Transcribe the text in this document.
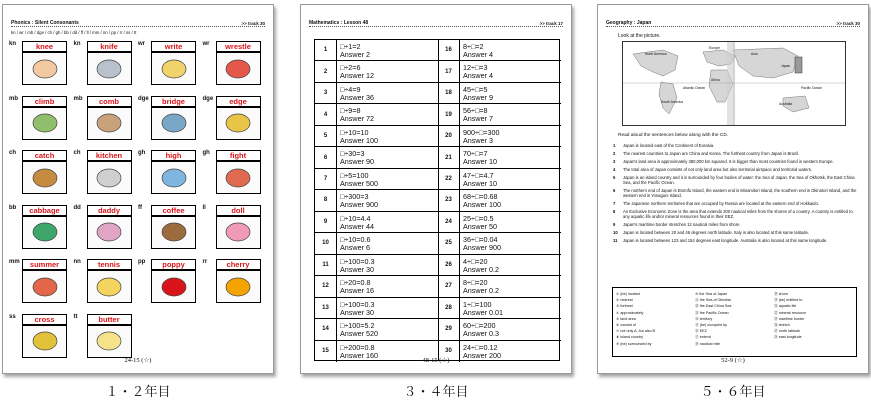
Phonics : Silent Consonants	>> track 30
kn / wr / mb / dge / ch / gh / bb / dd / ff / ll / mm / nn / pp / rr / ss / tt
kn	knee	kn	knife	wr	write	wr	wrestle
mb	climb	mb	comb	dge	bridge	dge	edge
ch	catch	ch	kitchen	gh	high	gh	fight
bb	cabbage	dd	daddy	ff	coffee	ll	doll
mm	summer	nn	tennis	pp	poppy	rr	cherry
ss	cross	tt	butter
24-15 (☆)
Mathematics : Lesson 48	>> track 17
1	□÷1=2
Answer 2
2	□÷2=6
Answer 12
3	□÷4=9
Answer 36
4	□÷9=8
Answer 72
5	□÷10=10
Answer 100
6	□÷30=3
Answer 90
7	□÷5=100
Answer 500
8	□÷300=3
Answer 900
9	□÷10=4.4
Answer 44
10	□÷10=0.6
Answer 6
11	□÷100=0.3
Answer 30
12	□÷20=0.8
Answer 16
13	□÷100=0.3
Answer 30
14	□÷100=5.2
Answer 520
15	□÷200=0.8
Answer 160
16	8÷□=2
Answer 4
17	12÷□=3
Answer 4
18	45÷□=5
Answer 9
19	56÷□=8
Answer 7
20	900÷□=300
Answer 3
21	70÷□=7
Answer 10
22	47÷□=4.7
Answer 10
23	68÷□=0.68
Answer 100
24	25÷□=0.5
Answer 50
25	36÷□=0.04
Answer 900
26	4÷□=20
Answer 0.2
27	8÷□=20
Answer 0.2
28	1÷□=100
Answer 0.01
29	60÷□=200
Answer 0.3
30	24÷□=0.12
Answer 200
48-15 (☆)
Geography : Japan	>> track 30
Look at the picture.
North America
Europe
Asia
Africa
Japan
Pacific Ocean
Atlantic Ocean
South America	Australia
Read aloud the sentences below along with the CD.
1 Japan is located east of the Continent of Eurasia.
2 The nearest countries to Japan are China and Korea. The furthest country from Japan is Brazil.
3 Japan's land area is approximately 380,000 km squared. It is bigger than most countries found in western Europe.
4 The total area of Japan consists of not only land area but also territorial airspace and territorial waters.
5 Japan is an island country and it is surrounded by four bodies of water: the Sea of Japan, the Sea of Okhotsk, the East China Sea, and the Pacific Ocean.
6 The northern end of Japan is Etorofu Island, the eastern end is Minamitori Island, the southern end is Okinotori Island, and the western end is Yonaguni Island.
7 The Japanese northern territories that are occupied by Russia are located at the eastern end of Hokkaido.
8 An Exclusive Economic Zone is the area that extends 200 nautical miles from the shores of a country. A country is entitled to any aquatic life and/or mineral resources found in their EEZ.
9 Japan's maritime border stretches 12 nautical miles from shore.
10 Japan is located between 20 and 46 degrees north latitude. Italy is also located at this same latitude.
11 Japan is located between 123 and 154 degrees east longitude. Australia is also located at this same longitude.
① (be) located
② nearest
③ furthest
④ approximately
⑤ land area
⑥ consist of
⑦ not only A, but also B
⑧ island country
⑨ (be) surrounded by
⑩ the Sea of Japan
⑪ the Sea of Okhotsk
⑫ the East China Sea
⑬ the Pacific Ocean
⑭ territory
⑮ (be) occupied by
⑯ EEZ
⑰ extend
⑱ nautical mile
⑲ shore
⑳ (be) entitled to
㉑ aquatic life
㉒ mineral resource
㉓ maritime border
㉔ stretch
㉕ north latitude
㉖ east longitude
52-9 (☆)
１・２年目	３・４年目	５・６年目
